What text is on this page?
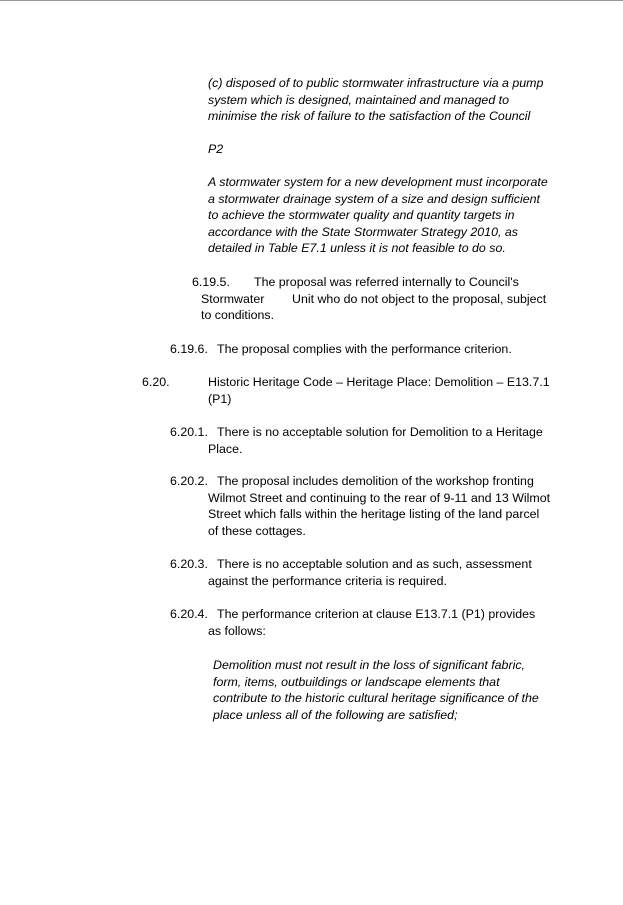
(c) disposed of to public stormwater infrastructure via a pump
system which is designed, maintained and managed to
minimise the risk of failure to the satisfaction of the Council
P2
A stormwater system for a new development must incorporate
a stormwater drainage system of a size and design sufficient
to achieve the stormwater quality and quantity targets in
accordance with the State Stormwater Strategy 2010, as
detailed in Table E7.1 unless it is not feasible to do so.
6.19.5. The proposal was referred internally to Council's
Stormwater Unit who do not object to the proposal, subject
to conditions.
6.19.6. The proposal complies with the performance criterion.
6.20.	Historic Heritage Code – Heritage Place: Demolition – E13.7.1
(P1)
6.20.1. There is no acceptable solution for Demolition to a Heritage
Place.
6.20.2. The proposal includes demolition of the workshop fronting
Wilmot Street and continuing to the rear of 9-11 and 13 Wilmot
Street which falls within the heritage listing of the land parcel
of these cottages.
6.20.3. There is no acceptable solution and as such, assessment
against the performance criteria is required.
6.20.4. The performance criterion at clause E13.7.1 (P1) provides
as follows:
Demolition must not result in the loss of significant fabric,
form, items, outbuildings or landscape elements that
contribute to the historic cultural heritage significance of the
place unless all of the following are satisfied;
